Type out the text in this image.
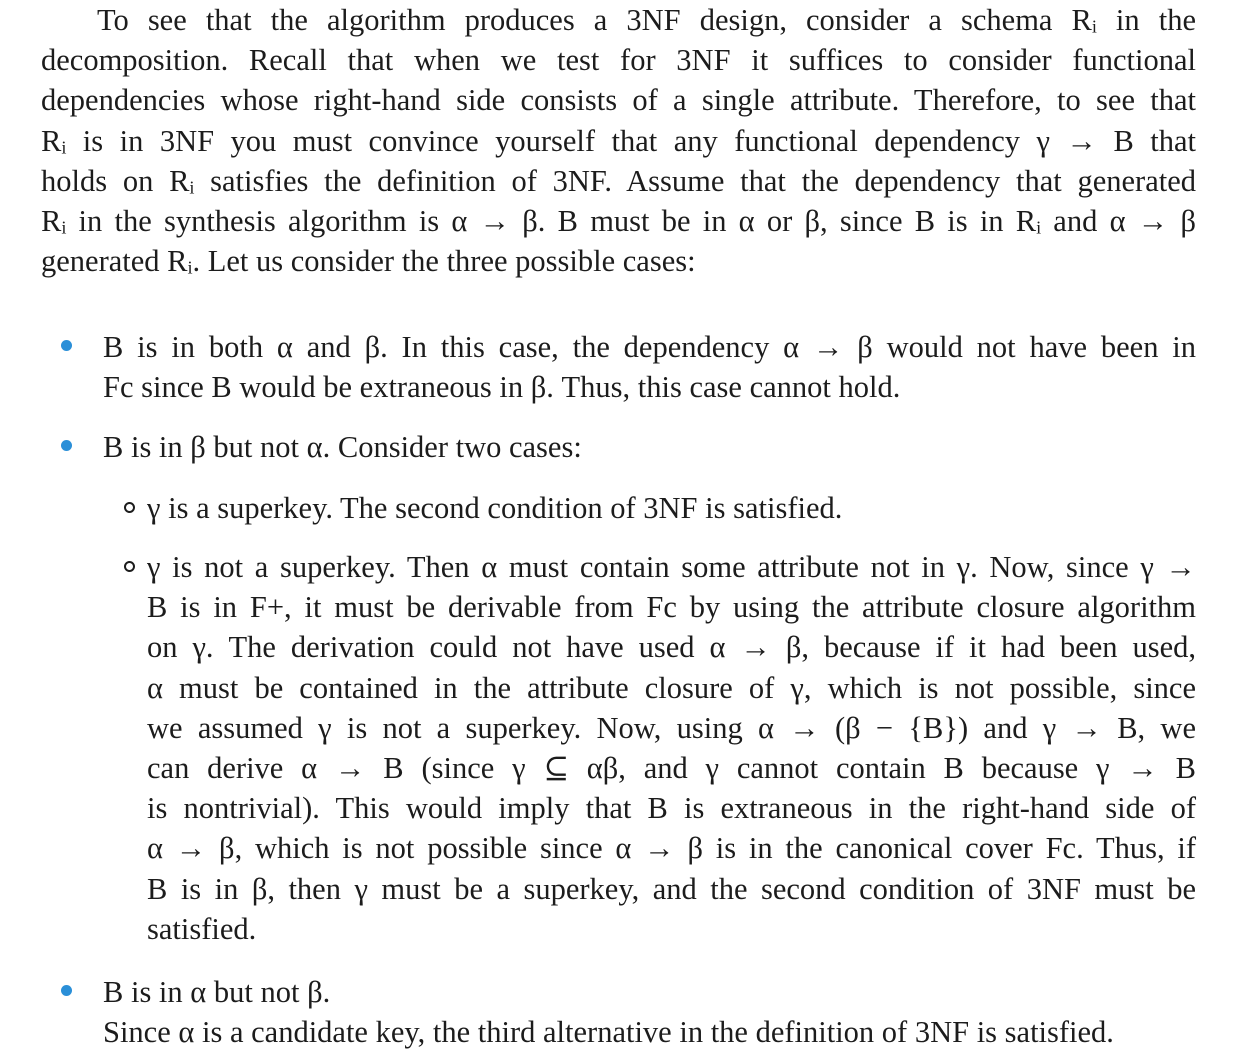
To see that the algorithm produces a 3NF design, consider a schema Rᵢ in the
decomposition. Recall that when we test for 3NF it suffices to consider functional
dependencies whose right-hand side consists of a single attribute. Therefore, to see that
Rᵢ is in 3NF you must convince yourself that any functional dependency γ → B that
holds on Rᵢ satisfies the definition of 3NF. Assume that the dependency that generated
Rᵢ in the synthesis algorithm is α → β. B must be in α or β, since B is in Rᵢ and α → β
generated Rᵢ. Let us consider the three possible cases:
B is in both α and β. In this case, the dependency α → β would not have been in
Fc since B would be extraneous in β. Thus, this case cannot hold.
B is in β but not α. Consider two cases:
γ is a superkey. The second condition of 3NF is satisfied.
γ is not a superkey. Then α must contain some attribute not in γ. Now, since γ →
B is in F+, it must be derivable from Fc by using the attribute closure algorithm
on γ. The derivation could not have used α → β, because if it had been used,
α must be contained in the attribute closure of γ, which is not possible, since
we assumed γ is not a superkey. Now, using α → (β − {B}) and γ → B, we
can derive α → B (since γ ⊆ αβ, and γ cannot contain B because γ → B
is nontrivial). This would imply that B is extraneous in the right-hand side of
α → β, which is not possible since α → β is in the canonical cover Fc. Thus, if
B is in β, then γ must be a superkey, and the second condition of 3NF must be
satisfied.
B is in α but not β.
Since α is a candidate key, the third alternative in the definition of 3NF is satisfied.
